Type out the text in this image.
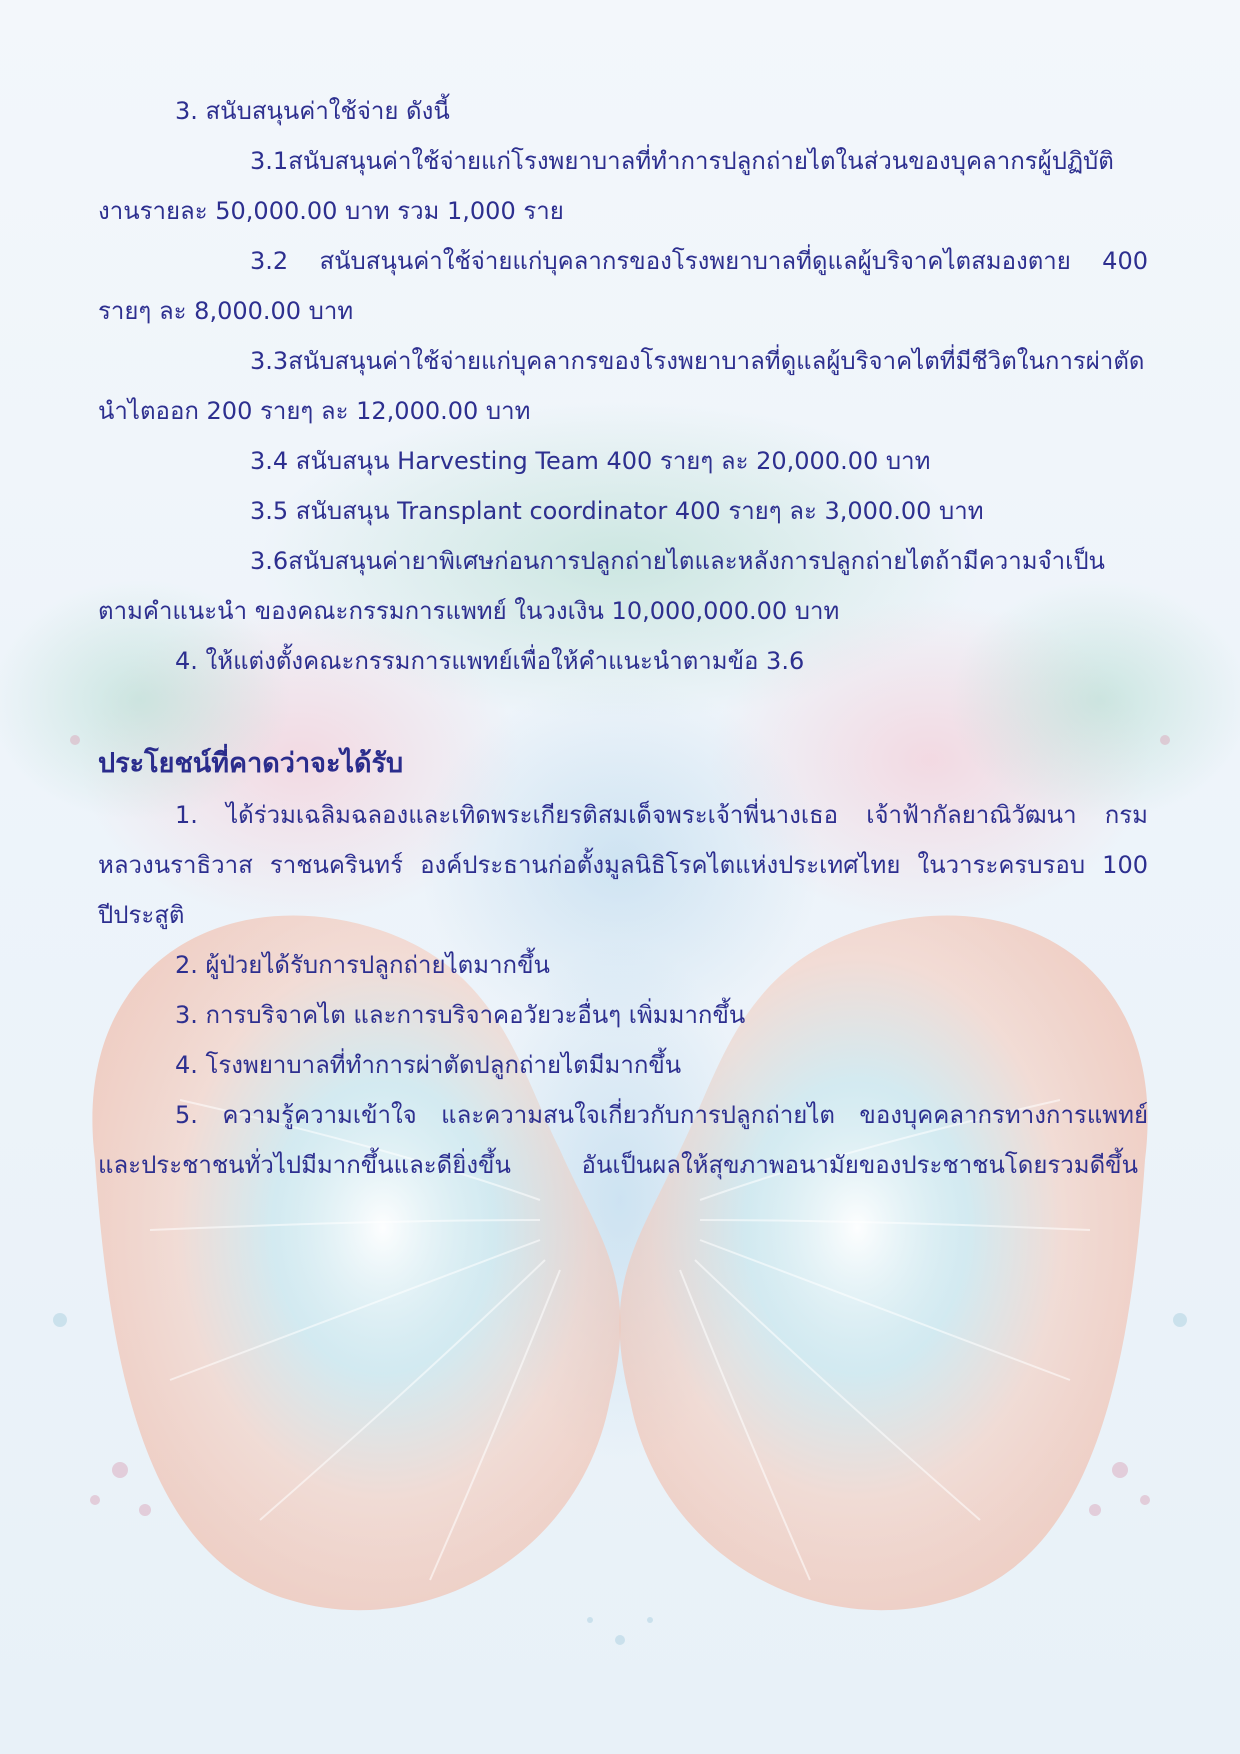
3. สนับสนุนค่าใช้จ่าย ดังนี้
3.1สนับสนุนค่าใช้จ่ายแก่โรงพยาบาลที่ทำการปลูกถ่ายไตในส่วนของบุคลากรผู้ปฏิบัติ
งานรายละ 50,000.00 บาท รวม 1,000 ราย
3.2 สนับสนุนค่าใช้จ่ายแก่บุคลากรของโรงพยาบาลที่ดูแลผู้บริจาคไตสมองตาย 400
รายๆ ละ 8,000.00 บาท
3.3สนับสนุนค่าใช้จ่ายแก่บุคลากรของโรงพยาบาลที่ดูแลผู้บริจาคไตที่มีชีวิตในการผ่าตัด
นำไตออก 200 รายๆ ละ 12,000.00 บาท
3.4 สนับสนุน Harvesting Team 400 รายๆ ละ 20,000.00 บาท
3.5 สนับสนุน Transplant coordinator 400 รายๆ ละ 3,000.00 บาท
3.6สนับสนุนค่ายาพิเศษก่อนการปลูกถ่ายไตและหลังการปลูกถ่ายไตถ้ามีความจำเป็น
ตามคำแนะนำ ของคณะกรรมการแพทย์ ในวงเงิน 10,000,000.00 บาท
4. ให้แต่งตั้งคณะกรรมการแพทย์เพื่อให้คำแนะนำตามข้อ 3.6
ประโยชน์ที่คาดว่าจะได้รับ
1. ได้ร่วมเฉลิมฉลองและเทิดพระเกียรติสมเด็จพระเจ้าพี่นางเธอ เจ้าฟ้ากัลยาณิวัฒนา กรม
หลวงนราธิวาส ราชนครินทร์ องค์ประธานก่อตั้งมูลนิธิโรคไตแห่งประเทศไทย ในวาระครบรอบ 100
ปีประสูติ
2. ผู้ป่วยได้รับการปลูกถ่ายไตมากขึ้น
3. การบริจาคไต และการบริจาคอวัยวะอื่นๆ เพิ่มมากขึ้น
4. โรงพยาบาลที่ทำการผ่าตัดปลูกถ่ายไตมีมากขึ้น
5. ความรู้ความเข้าใจ และความสนใจเกี่ยวกับการปลูกถ่ายไต ของบุคคลากรทางการแพทย์
และประชาชนทั่วไปมีมากขึ้นและดียิ่งขึ้น อันเป็นผลให้สุขภาพอนามัยของประชาชนโดยรวมดีขึ้น
